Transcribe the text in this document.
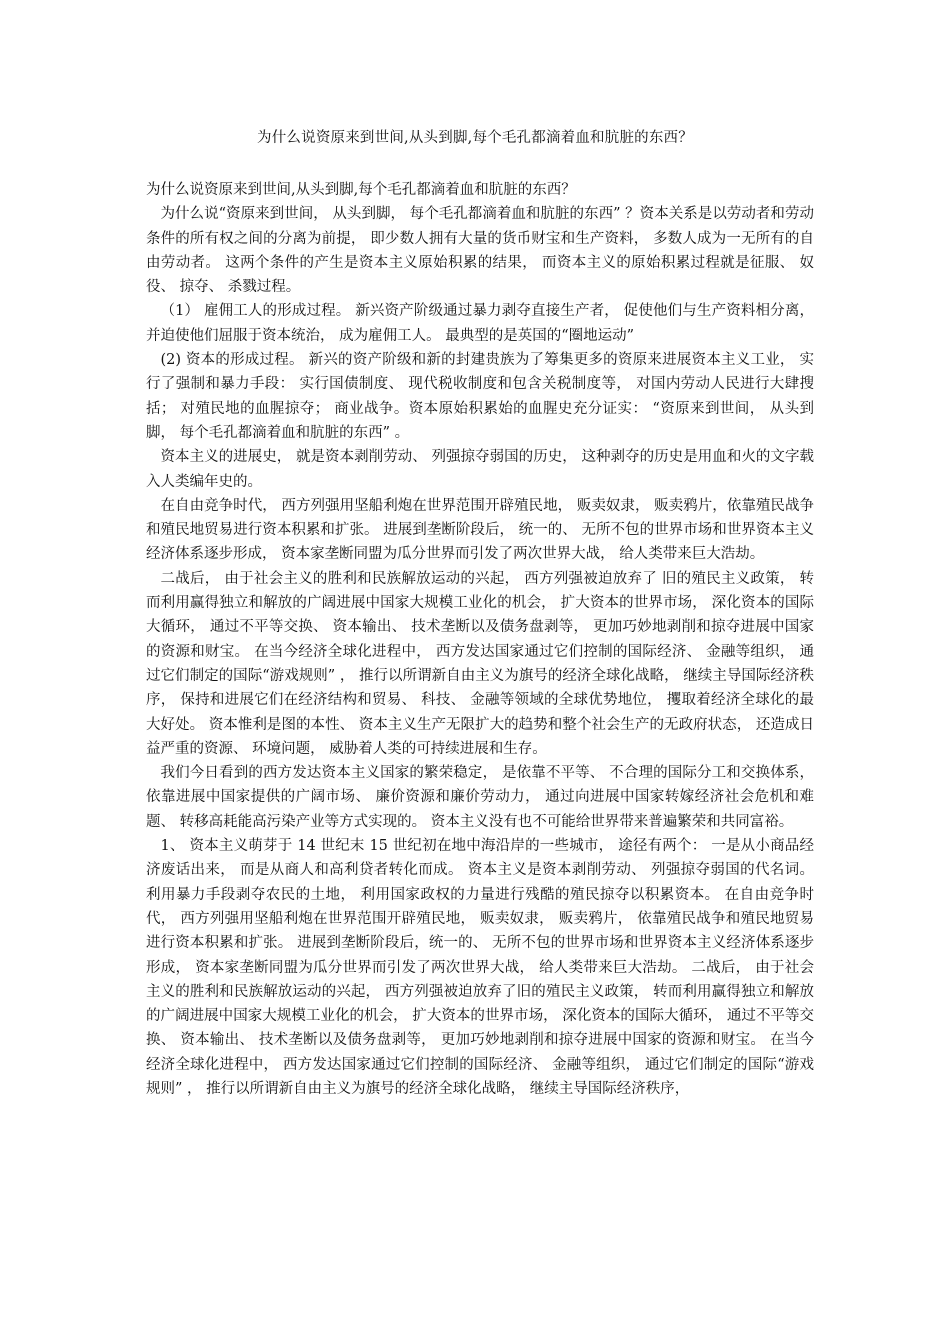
为什么说资原来到世间,从头到脚,每个毛孔都滴着血和肮脏的东西？

为什么说资原来到世间,从头到脚,每个毛孔都滴着血和肮脏的东西？

为什么说“资原来到世间， 从头到脚， 每个毛孔都滴着血和肮脏的东西” ？资本关系是以劳动者和劳动条件的所有权之间的分离为前提， 即少数人拥有大量的货币财宝和生产资料， 多数人成为一无所有的自由劳动者。 这两个条件的产生是资本主义原始积累的结果， 而资本主义的原始积累过程就是征服、 奴役、 掠夺、 杀戮过程。

（1） 雇佣工人的形成过程。 新兴资产阶级通过暴力剥夺直接生产者， 促使他们与生产资料相分离， 并迫使他们屈服于资本统治， 成为雇佣工人。 最典型的是英国的“圈地运动”

(2) 资本的形成过程。 新兴的资产阶级和新的封建贵族为了筹集更多的资原来进展资本主义工业， 实行了强制和暴力手段： 实行国债制度、 现代税收制度和包含关税制度等， 对国内劳动人民进行大肆搜括； 对殖民地的血腥掠夺； 商业战争。资本原始积累始的血腥史充分证实： “资原来到世间， 从头到脚， 每个毛孔都滴着血和肮脏的东西” 。

资本主义的进展史， 就是资本剥削劳动、 列强掠夺弱国的历史， 这种剥夺的历史是用血和火的文字载入人类编年史的。

在自由竞争时代， 西方列强用坚船利炮在世界范围开辟殖民地， 贩卖奴隶， 贩卖鸦片，依靠殖民战争和殖民地贸易进行资本积累和扩张。 进展到垄断阶段后， 统一的、 无所不包的世界市场和世界资本主义经济体系逐步形成， 资本家垄断同盟为瓜分世界而引发了两次世界大战， 给人类带来巨大浩劫。

二战后， 由于社会主义的胜利和民族解放运动的兴起， 西方列强被迫放弃了 旧的殖民主义政策， 转而利用赢得独立和解放的广阔进展中国家大规模工业化的机会， 扩大资本的世界市场， 深化资本的国际大循环， 通过不平等交换、 资本输出、 技术垄断以及债务盘剥等， 更加巧妙地剥削和掠夺进展中国家的资源和财宝。 在当今经济全球化进程中， 西方发达国家通过它们控制的国际经济、 金融等组织， 通过它们制定的国际“游戏规则” ， 推行以所谓新自由主义为旗号的经济全球化战略， 继续主导国际经济秩序， 保持和进展它们在经济结构和贸易、 科技、 金融等领域的全球优势地位， 攫取着经济全球化的最大好处。 资本惟利是图的本性、 资本主义生产无限扩大的趋势和整个社会生产的无政府状态， 还造成日益严重的资源、 环境问题， 威胁着人类的可持续进展和生存。

我们今日看到的西方发达资本主义国家的繁荣稳定， 是依靠不平等、 不合理的国际分工和交换体系， 依靠进展中国家提供的广阔市场、 廉价资源和廉价劳动力， 通过向进展中国家转嫁经济社会危机和难题、 转移高耗能高污染产业等方式实现的。 资本主义没有也不可能给世界带来普遍繁荣和共同富裕。

1、 资本主义萌芽于 14 世纪末 15 世纪初在地中海沿岸的一些城市， 途径有两个： 一是从小商品经济废话出来， 而是从商人和高利贷者转化而成。 资本主义是资本剥削劳动、 列强掠夺弱国的代名词。 利用暴力手段剥夺农民的土地， 利用国家政权的力量进行残酷的殖民掠夺以积累资本。 在自由竞争时代， 西方列强用坚船利炮在世界范围开辟殖民地， 贩卖奴隶， 贩卖鸦片， 依靠殖民战争和殖民地贸易进行资本积累和扩张。 进展到垄断阶段后，统一的、 无所不包的世界市场和世界资本主义经济体系逐步形成， 资本家垄断同盟为瓜分世界而引发了两次世界大战， 给人类带来巨大浩劫。 二战后， 由于社会主义的胜利和民族解放运动的兴起， 西方列强被迫放弃了旧的殖民主义政策， 转而利用赢得独立和解放的广阔进展中国家大规模工业化的机会， 扩大资本的世界市场， 深化资本的国际大循环， 通过不平等交换、 资本输出、 技术垄断以及债务盘剥等， 更加巧妙地剥削和掠夺进展中国家的资源和财宝。 在当今经济全球化进程中， 西方发达国家通过它们控制的国际经济、 金融等组织， 通过它们制定的国际“游戏规则” ， 推行以所谓新自由主义为旗号的经济全球化战略， 继续主导国际经济秩序，
